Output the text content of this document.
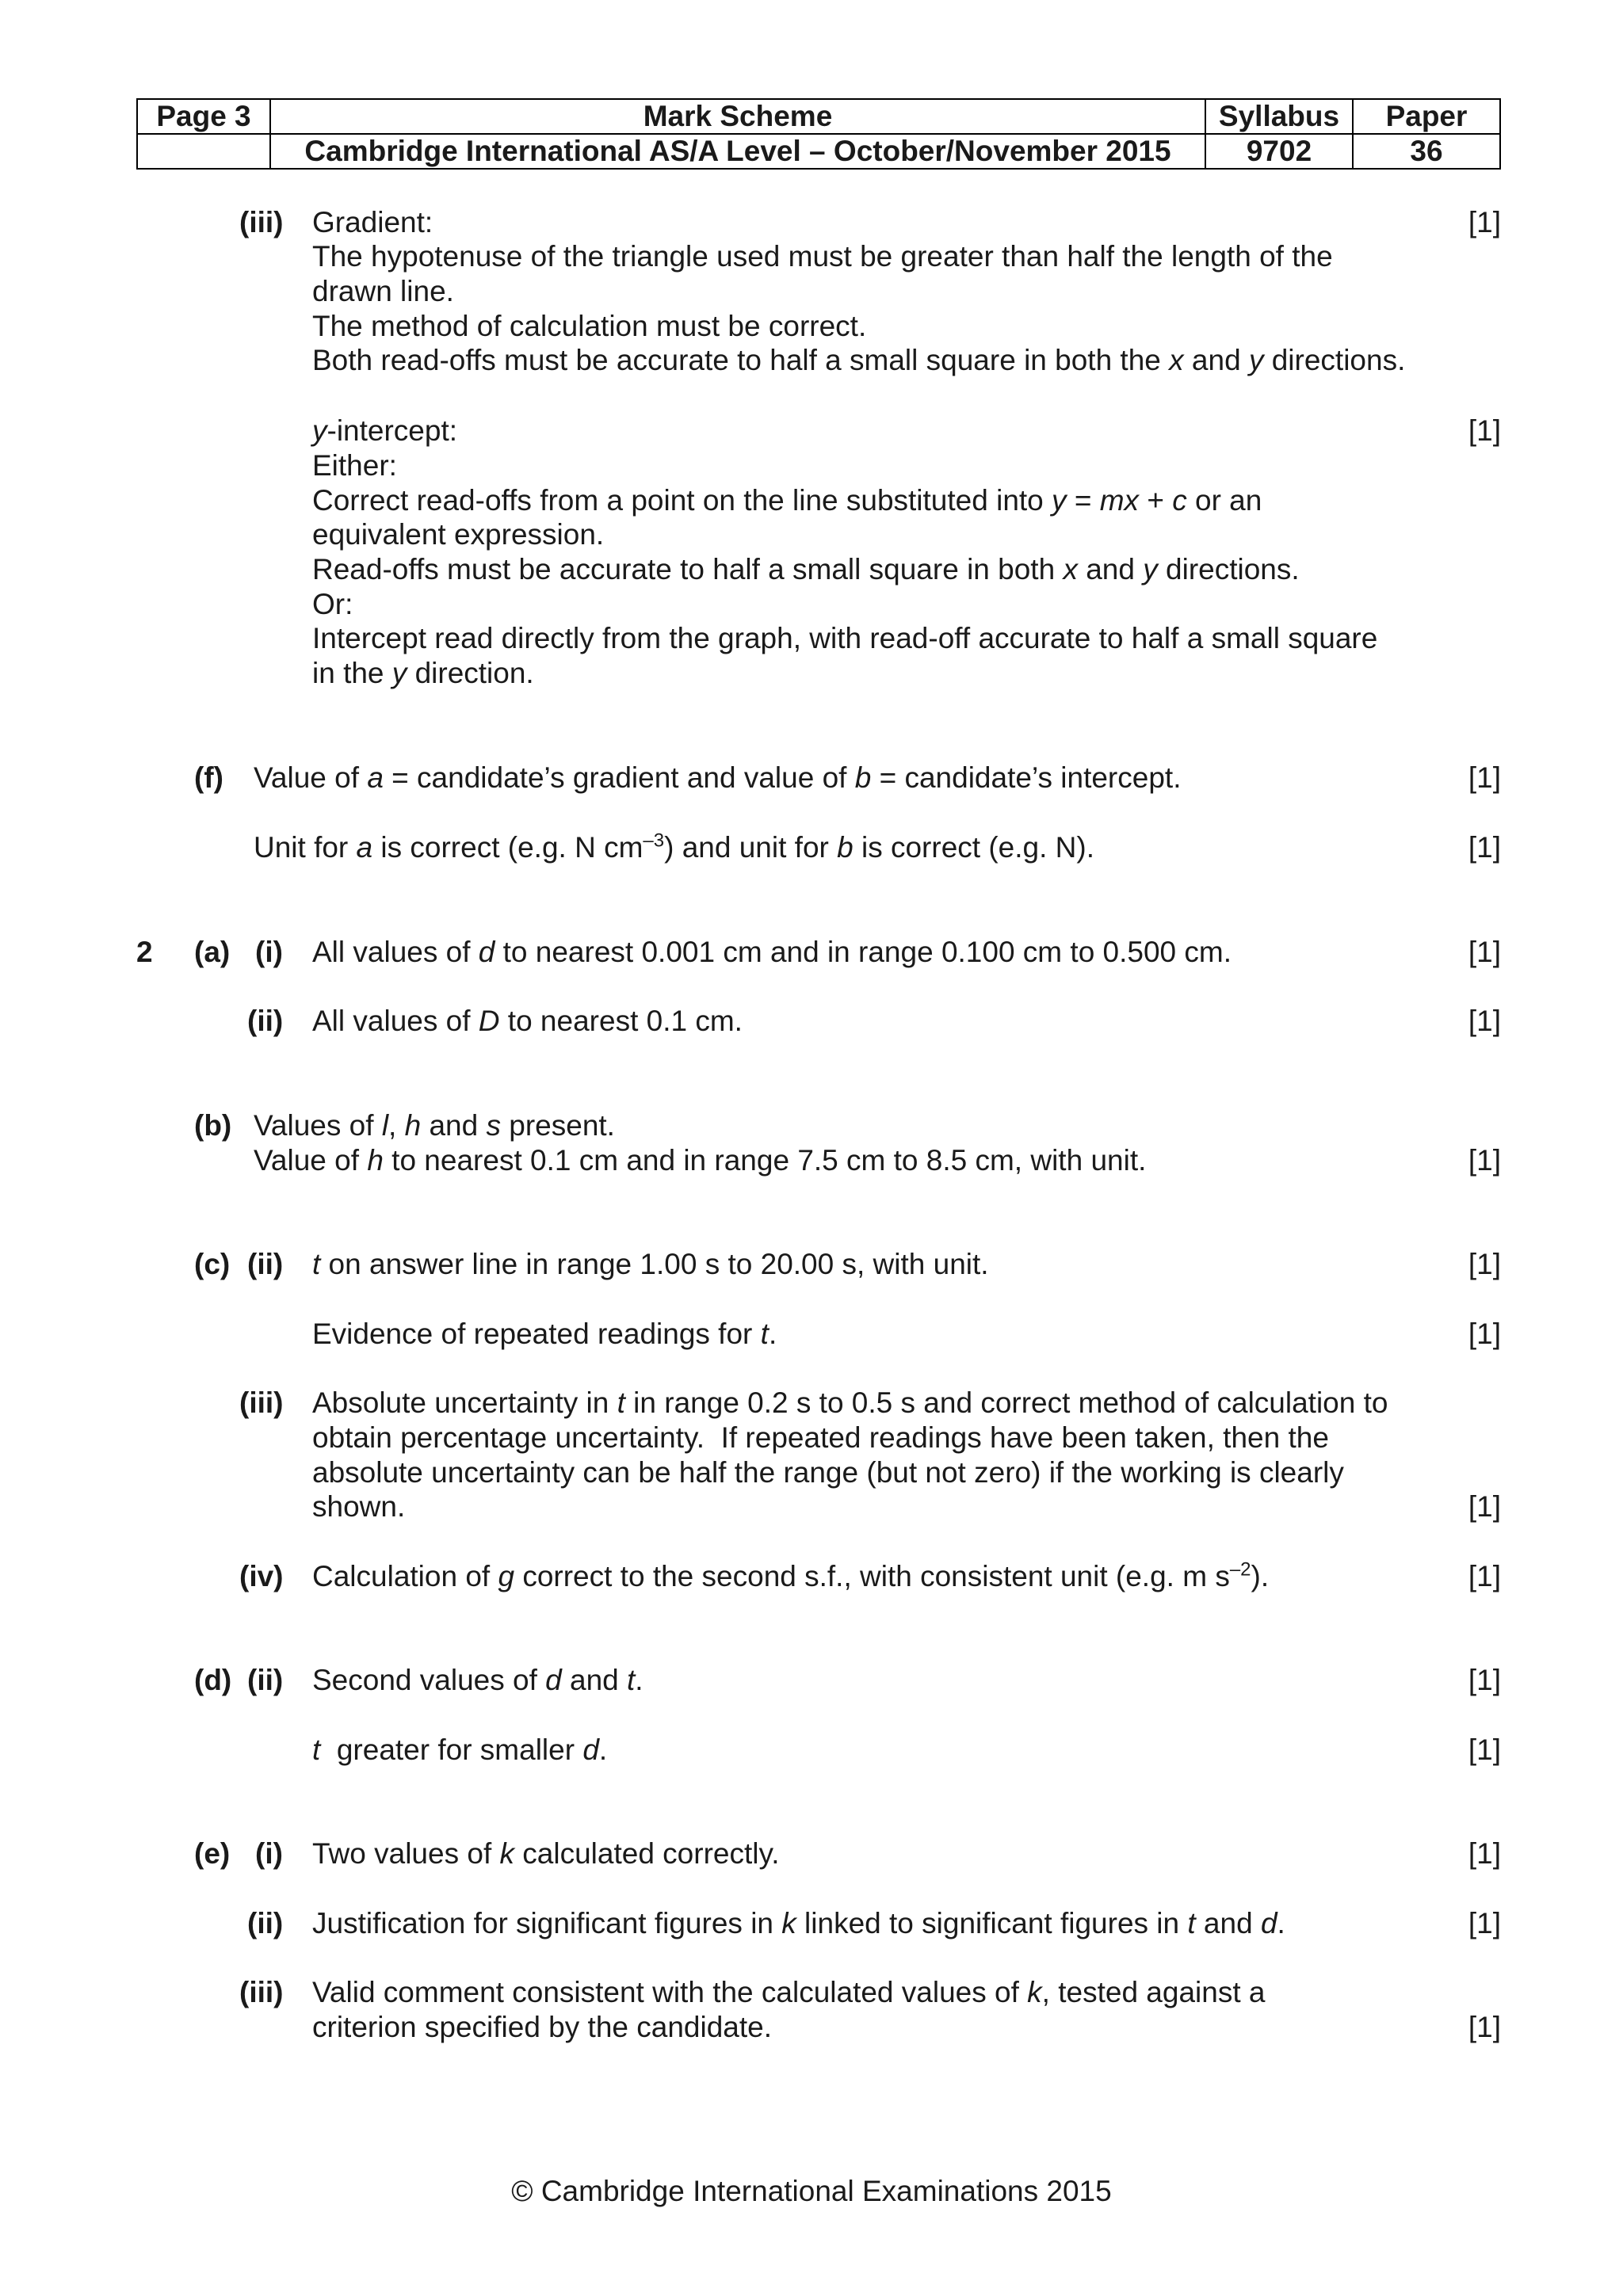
Page 3	Mark Scheme	Syllabus	Paper
	Cambridge International AS/A Level – October/November 2015	9702	36
(iii) Gradient:	[1]
The hypotenuse of the triangle used must be greater than half the length of the
drawn line.
The method of calculation must be correct.
Both read-offs must be accurate to half a small square in both the x and y directions.
y-intercept:	[1]
Either:
Correct read-offs from a point on the line substituted into y = mx + c or an
equivalent expression.
Read-offs must be accurate to half a small square in both x and y directions.
Or:
Intercept read directly from the graph, with read-off accurate to half a small square
in the y direction.
(f) Value of a = candidate’s gradient and value of b = candidate’s intercept.	[1]
Unit for a is correct (e.g. N $cm^{-3}$) and unit for b is correct (e.g. N).	[1]
2 (a) (i) All values of d to nearest 0.001 cm and in range 0.100 cm to 0.500 cm.	[1]
(ii) All values of D to nearest 0.1 cm.	[1]
(b) Values of l, h and s present.
Value of h to nearest 0.1 cm and in range 7.5 cm to 8.5 cm, with unit.	[1]
(c) (ii) t on answer line in range 1.00 s to 20.00 s, with unit.	[1]
Evidence of repeated readings for t.	[1]
(iii) Absolute uncertainty in t in range 0.2 s to 0.5 s and correct method of calculation to
obtain percentage uncertainty.  If repeated readings have been taken, then the
absolute uncertainty can be half the range (but not zero) if the working is clearly
shown.	[1]
(iv) Calculation of g correct to the second s.f., with consistent unit (e.g. m $s^{-2}$).	[1]
(d) (ii) Second values of d and t.	[1]
t  greater for smaller d.	[1]
(e) (i) Two values of k calculated correctly.	[1]
(ii) Justification for significant figures in k linked to significant figures in t and d.	[1]
(iii) Valid comment consistent with the calculated values of k, tested against a
criterion specified by the candidate.	[1]
© Cambridge International Examinations 2015
